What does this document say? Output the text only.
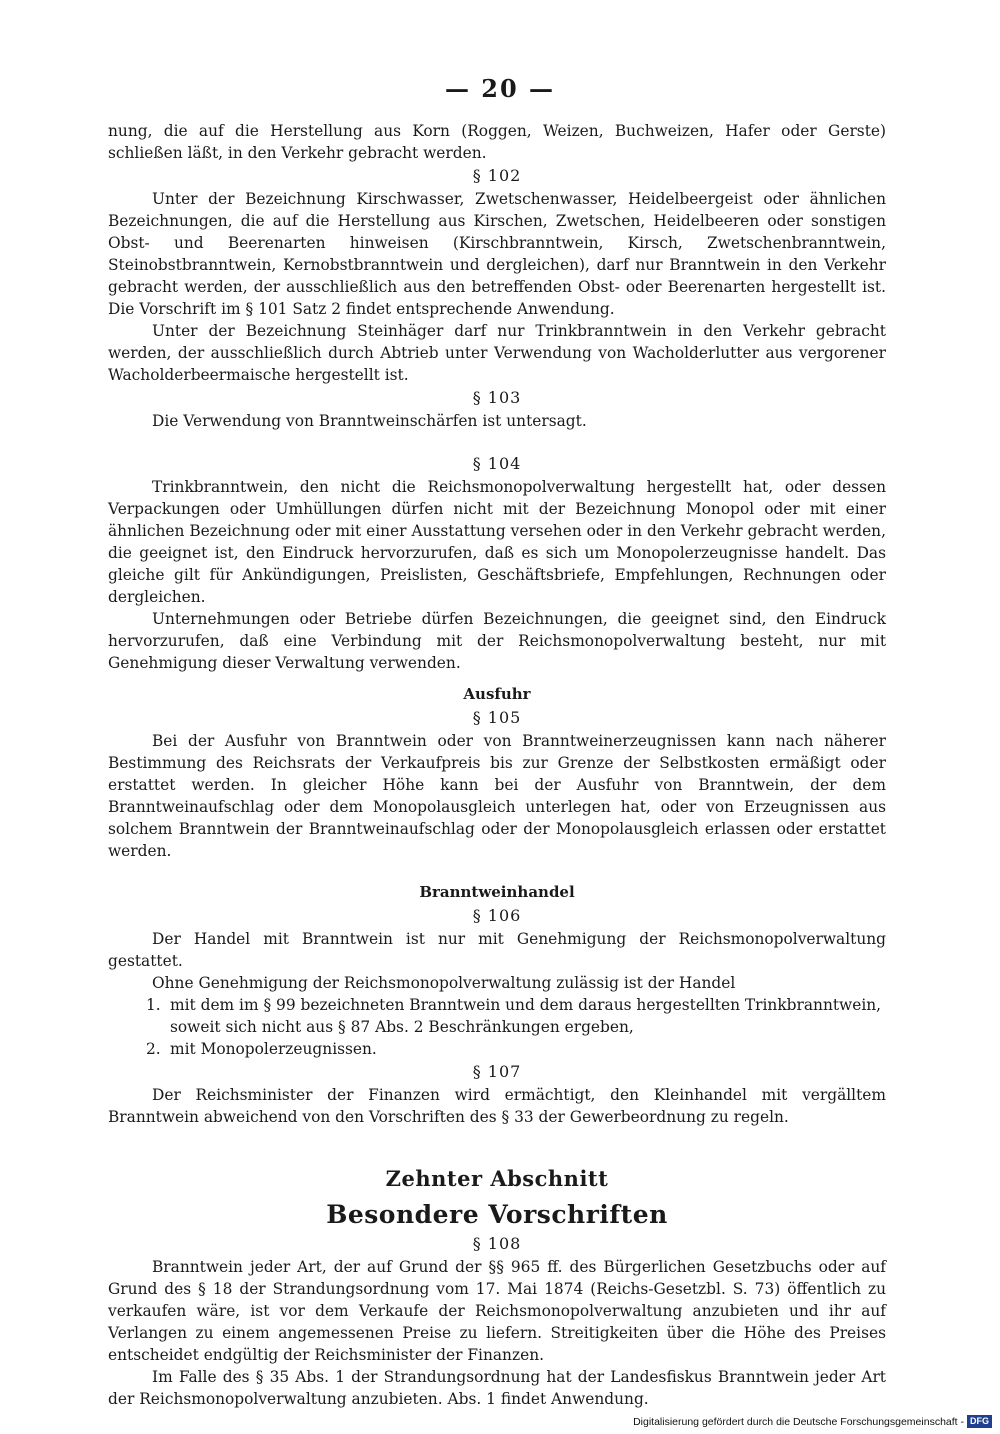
— 20 —

nung, die auf die Herstellung aus Korn (Roggen, Weizen, Buchweizen, Hafer oder Gerste) schließen läßt, in den Verkehr gebracht werden.

§ 102

Unter der Bezeichnung Kirschwasser, Zwetschenwasser, Heidelbeergeist oder ähnlichen Bezeichnungen, die auf die Herstellung aus Kirschen, Zwetschen, Heidelbeeren oder sonstigen Obst- und Beerenarten hinweisen (Kirschbranntwein, Kirsch, Zwetschenbranntwein, Steinobstbranntwein, Kernobstbranntwein und dergleichen), darf nur Branntwein in den Verkehr gebracht werden, der ausschließlich aus den betreffenden Obst- oder Beerenarten hergestellt ist. Die Vorschrift im § 101 Satz 2 findet entsprechende Anwendung.

Unter der Bezeichnung Steinhäger darf nur Trinkbranntwein in den Verkehr gebracht werden, der ausschließlich durch Abtrieb unter Verwendung von Wacholderlutter aus vergorener Wacholderbeermaische hergestellt ist.

§ 103

Die Verwendung von Branntweinschärfen ist untersagt.

§ 104

Trinkbranntwein, den nicht die Reichsmonopolverwaltung hergestellt hat, oder dessen Verpackungen oder Umhüllungen dürfen nicht mit der Bezeichnung Monopol oder mit einer ähnlichen Bezeichnung oder mit einer Ausstattung versehen oder in den Verkehr gebracht werden, die geeignet ist, den Eindruck hervorzurufen, daß es sich um Monopolerzeugnisse handelt. Das gleiche gilt für Ankündigungen, Preislisten, Geschäftsbriefe, Empfehlungen, Rechnungen oder dergleichen.

Unternehmungen oder Betriebe dürfen Bezeichnungen, die geeignet sind, den Eindruck hervorzurufen, daß eine Verbindung mit der Reichsmonopolverwaltung besteht, nur mit Genehmigung dieser Verwaltung verwenden.

Ausfuhr
§ 105

Bei der Ausfuhr von Branntwein oder von Branntweinerzeugnissen kann nach näherer Bestimmung des Reichsrats der Verkaufpreis bis zur Grenze der Selbstkosten ermäßigt oder erstattet werden. In gleicher Höhe kann bei der Ausfuhr von Branntwein, der dem Branntweinaufschlag oder dem Monopolausgleich unterlegen hat, oder von Erzeugnissen aus solchem Branntwein der Branntweinaufschlag oder der Monopolausgleich erlassen oder erstattet werden.

Branntweinhandel
§ 106

Der Handel mit Branntwein ist nur mit Genehmigung der Reichsmonopolverwaltung gestattet.

Ohne Genehmigung der Reichsmonopolverwaltung zulässig ist der Handel

1. mit dem im § 99 bezeichneten Branntwein und dem daraus hergestellten Trinkbranntwein,

soweit sich nicht aus § 87 Abs. 2 Beschränkungen ergeben,

2. mit Monopolerzeugnissen.

§ 107

Der Reichsminister der Finanzen wird ermächtigt, den Kleinhandel mit vergälltem Branntwein abweichend von den Vorschriften des § 33 der Gewerbeordnung zu regeln.

Zehnter Abschnitt
Besondere Vorschriften
§ 108

Branntwein jeder Art, der auf Grund der §§ 965 ff. des Bürgerlichen Gesetzbuchs oder auf Grund des § 18 der Strandungsordnung vom 17. Mai 1874 (Reichs-Gesetzbl. S. 73) öffentlich zu verkaufen wäre, ist vor dem Verkaufe der Reichsmonopolverwaltung anzubieten und ihr auf Verlangen zu einem angemessenen Preise zu liefern. Streitigkeiten über die Höhe des Preises entscheidet endgültig der Reichsminister der Finanzen.

Im Falle des § 35 Abs. 1 der Strandungsordnung hat der Landesfiskus Branntwein jeder Art der Reichsmonopolverwaltung anzubieten. Abs. 1 findet Anwendung.

Digitalisierung gefördert durch die Deutsche Forschungsgemeinschaft - DFG
